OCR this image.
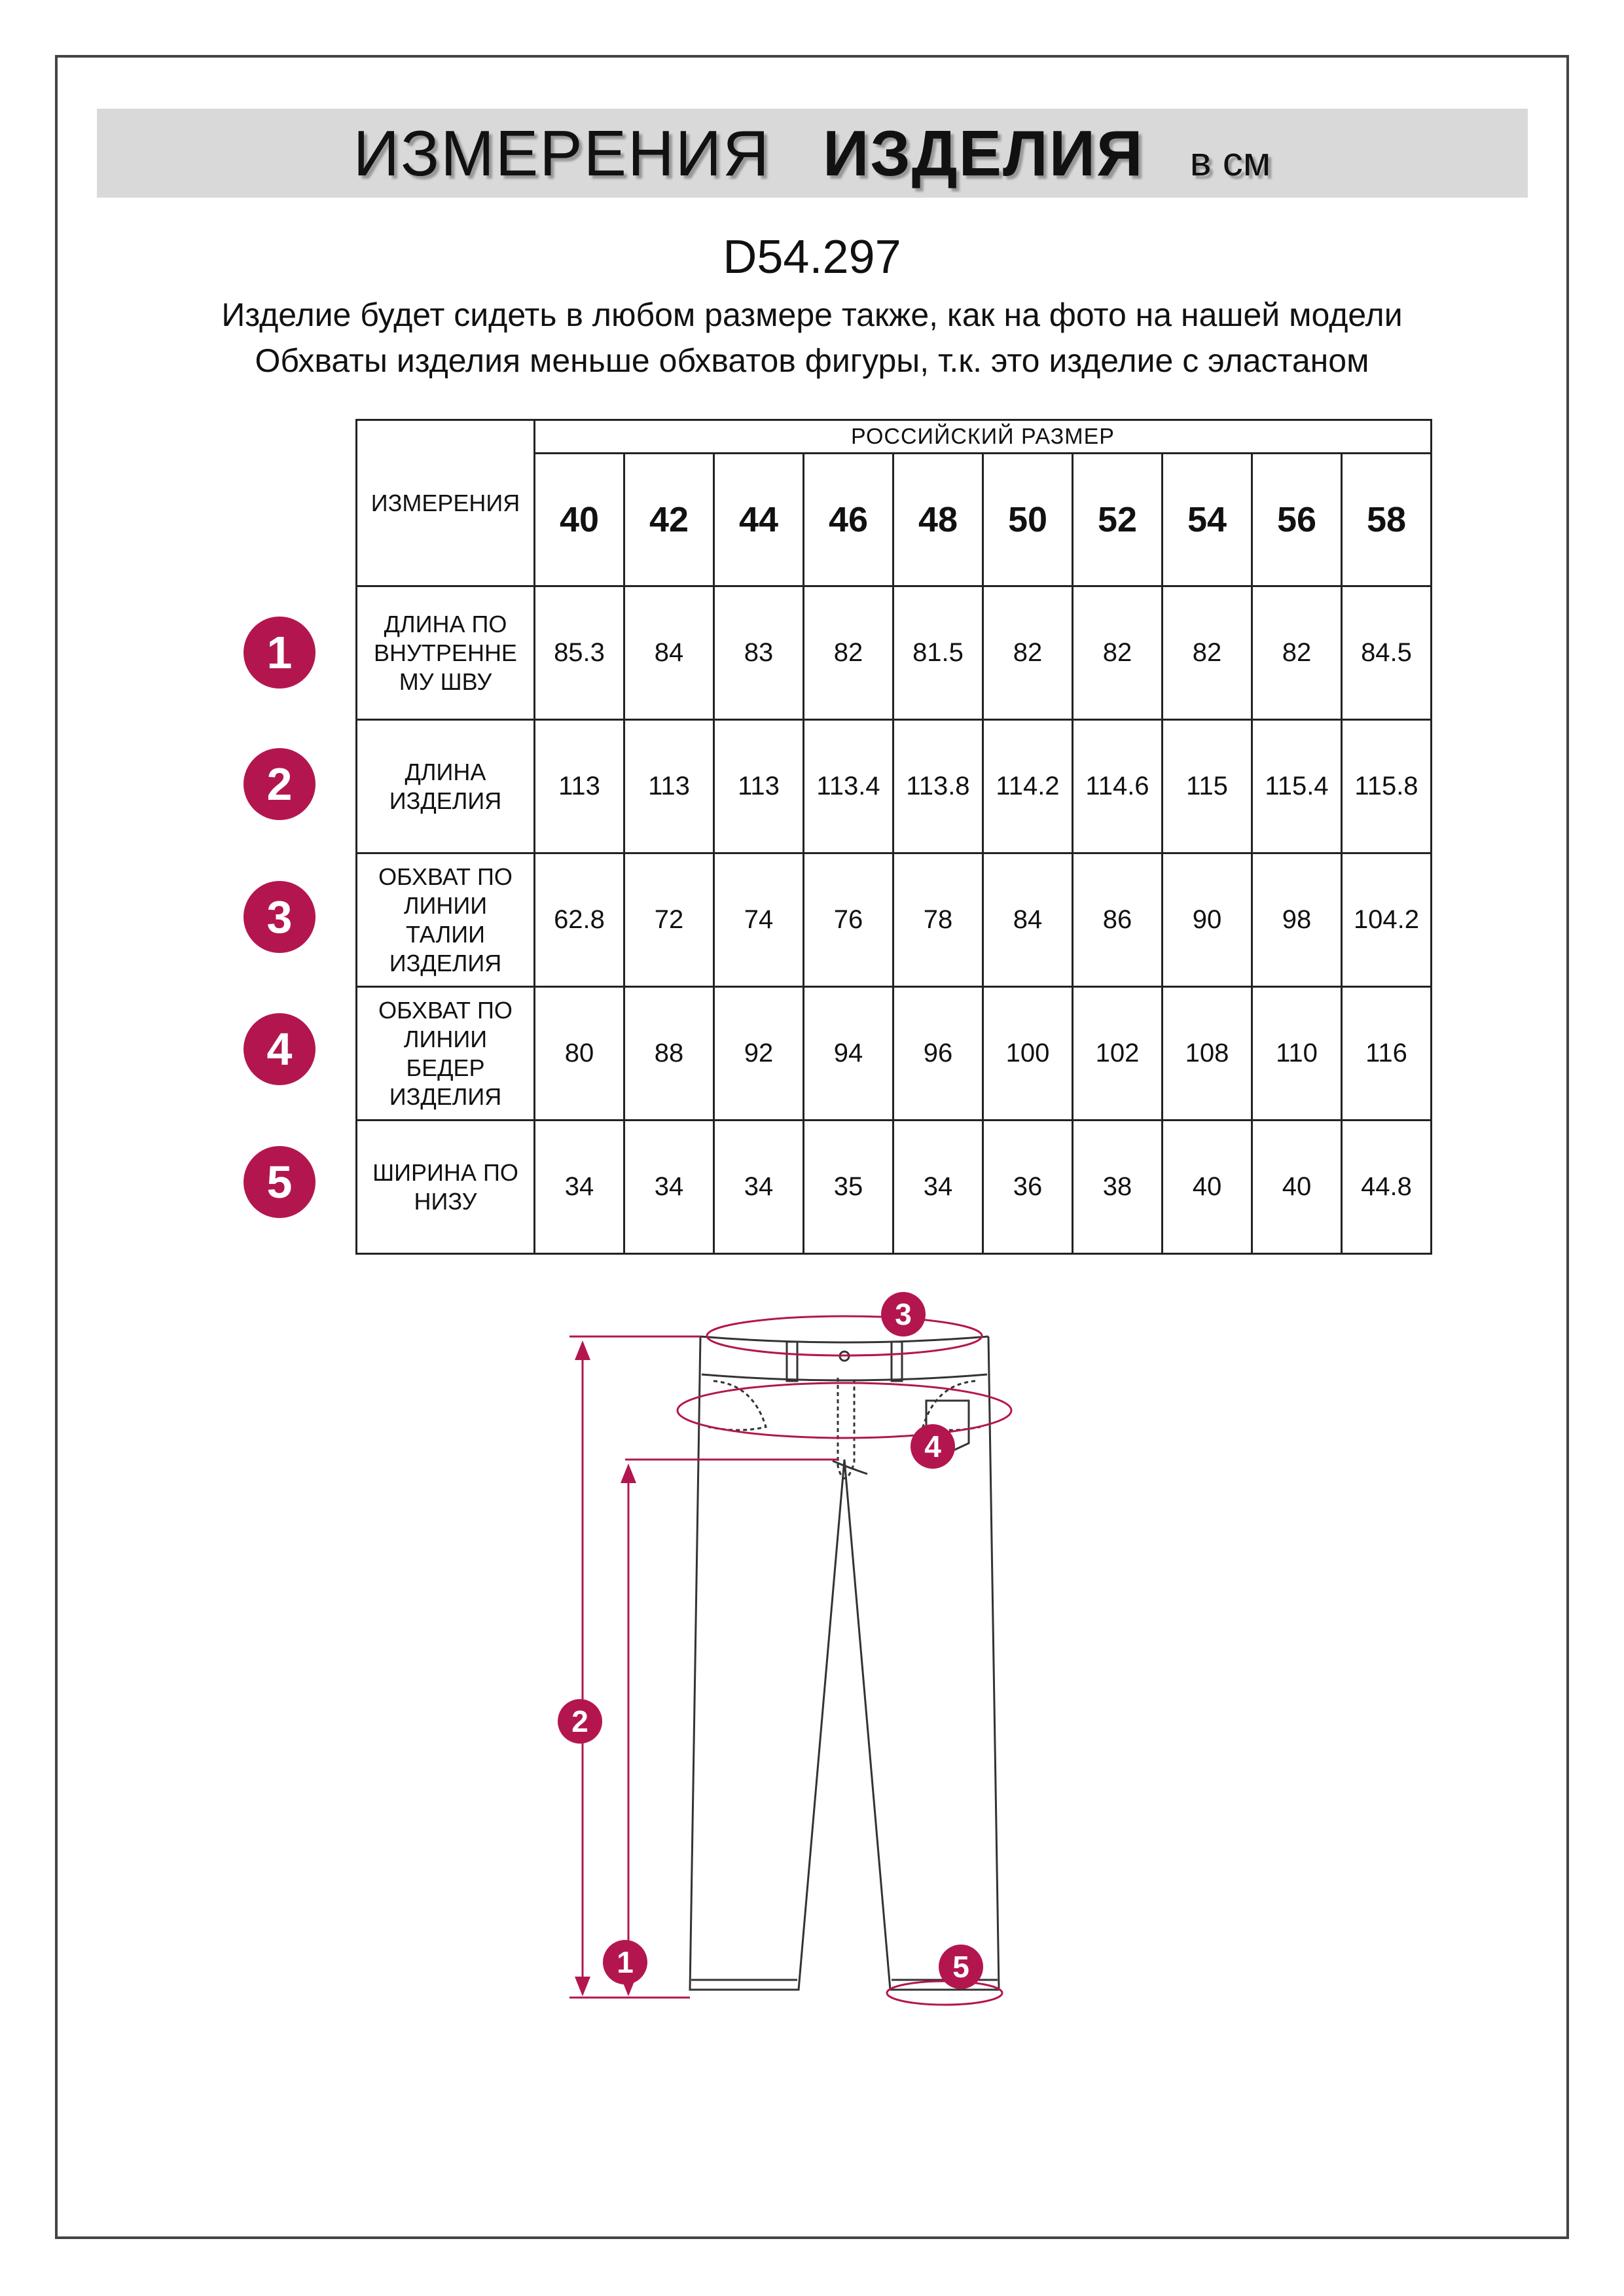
ИЗМЕРЕНИЯ ИЗДЕЛИЯ в см
D54.297
Изделие будет сидеть в любом размере также, как на фото на нашей модели
Обхваты изделия меньше обхватов фигуры, т.к. это изделие с эластаном
ИЗМЕРЕНИЯ	РОССИЙСКИЙ РАЗМЕР									
	40	42	44	46	48	50	52	54	56	58

ДЛИНА ПО
ВНУТРЕННЕ
МУ ШВУ	85.3	84	83	82	81.5	82	82	82	82	84.5

ДЛИНА
ИЗДЕЛИЯ	113	113	113	113.4	113.8	114.2	114.6	115	115.4	115.8

ОБХВАТ ПО
ЛИНИИ
ТАЛИИ
ИЗДЕЛИЯ	62.8	72	74	76	78	84	86	90	98	104.2

ОБХВАТ ПО
ЛИНИИ
БЕДЕР
ИЗДЕЛИЯ	80	88	92	94	96	100	102	108	110	116

ШИРИНА ПО
НИЗУ	34	34	34	35	34	36	38	40	40	44.8
1
2
3
4
5
1
2
3
4
5
